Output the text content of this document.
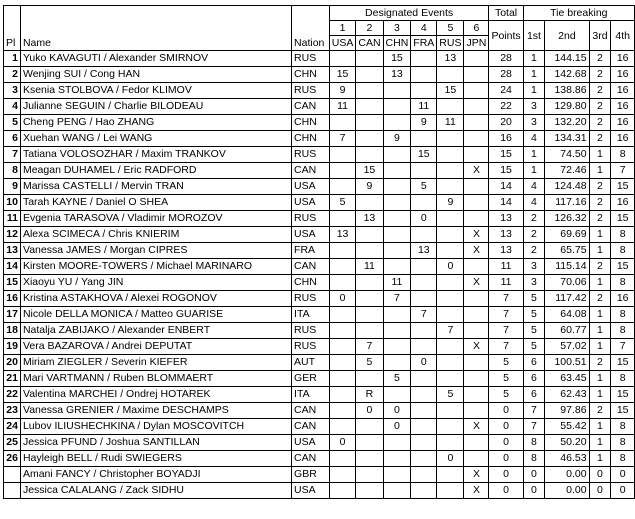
Pl	Name	Nation	Designated Events						Total	Tie breaking			
			1	2	3	4	5	6	Points	1st	2nd	3rd	4th
			USA	CAN	CHN	FRA	RUS	JPN					
1	Yuko KAVAGUTI / Alexander SMIRNOV	RUS			15		13		28	1	144.15	2	16
2	Wenjing SUI / Cong HAN	CHN	15		13				28	1	142.68	2	16
3	Ksenia STOLBOVA / Fedor KLIMOV	RUS	9				15		24	1	138.86	2	16
4	Julianne SEGUIN / Charlie BILODEAU	CAN	11			11			22	3	129.80	2	16
5	Cheng PENG / Hao ZHANG	CHN				9	11		20	3	132.20	2	16
6	Xuehan WANG / Lei WANG	CHN	7		9				16	4	134.31	2	16
7	Tatiana VOLOSOZHAR / Maxim TRANKOV	RUS				15			15	1	74.50	1	8
8	Meagan DUHAMEL / Eric RADFORD	CAN		15				X	15	1	72.46	1	7
9	Marissa CASTELLI / Mervin TRAN	USA		9		5			14	4	124.48	2	15
10	Tarah KAYNE / Daniel O SHEA	USA	5				9		14	4	117.16	2	16
11	Evgenia TARASOVA / Vladimir MOROZOV	RUS		13		0			13	2	126.32	2	15
12	Alexa SCIMECA / Chris KNIERIM	USA	13					X	13	2	69.69	1	8
13	Vanessa JAMES / Morgan CIPRES	FRA				13		X	13	2	65.75	1	8
14	Kirsten MOORE-TOWERS / Michael MARINARO	CAN		11			0		11	3	115.14	2	15
15	Xiaoyu YU / Yang JIN	CHN			11			X	11	3	70.06	1	8
16	Kristina ASTAKHOVA / Alexei ROGONOV	RUS	0		7				7	5	117.42	2	16
17	Nicole DELLA MONICA / Matteo GUARISE	ITA				7			7	5	64.08	1	8
18	Natalja ZABIJAKO / Alexander ENBERT	RUS					7		7	5	60.77	1	8
19	Vera BAZAROVA / Andrei DEPUTAT	RUS		7				X	7	5	57.02	1	7
20	Miriam ZIEGLER / Severin KIEFER	AUT		5		0			5	6	100.51	2	15
21	Mari VARTMANN / Ruben BLOMMAERT	GER			5				5	6	63.45	1	8
22	Valentina MARCHEI / Ondrej HOTAREK	ITA		R			5		5	6	62.43	1	15
23	Vanessa GRENIER / Maxime DESCHAMPS	CAN		0	0				0	7	97.86	2	15
24	Lubov ILIUSHECHKINA / Dylan MOSCOVITCH	CAN			0			X	0	7	55.42	1	8
25	Jessica PFUND / Joshua SANTILLAN	USA	0						0	8	50.20	1	8
26	Hayleigh BELL / Rudi SWIEGERS	CAN					0		0	8	46.53	1	8
	Amani FANCY / Christopher BOYADJI	GBR						X	0	0	0.00	0	0
	Jessica CALALANG / Zack SIDHU	USA						X	0	0	0.00	0	0
